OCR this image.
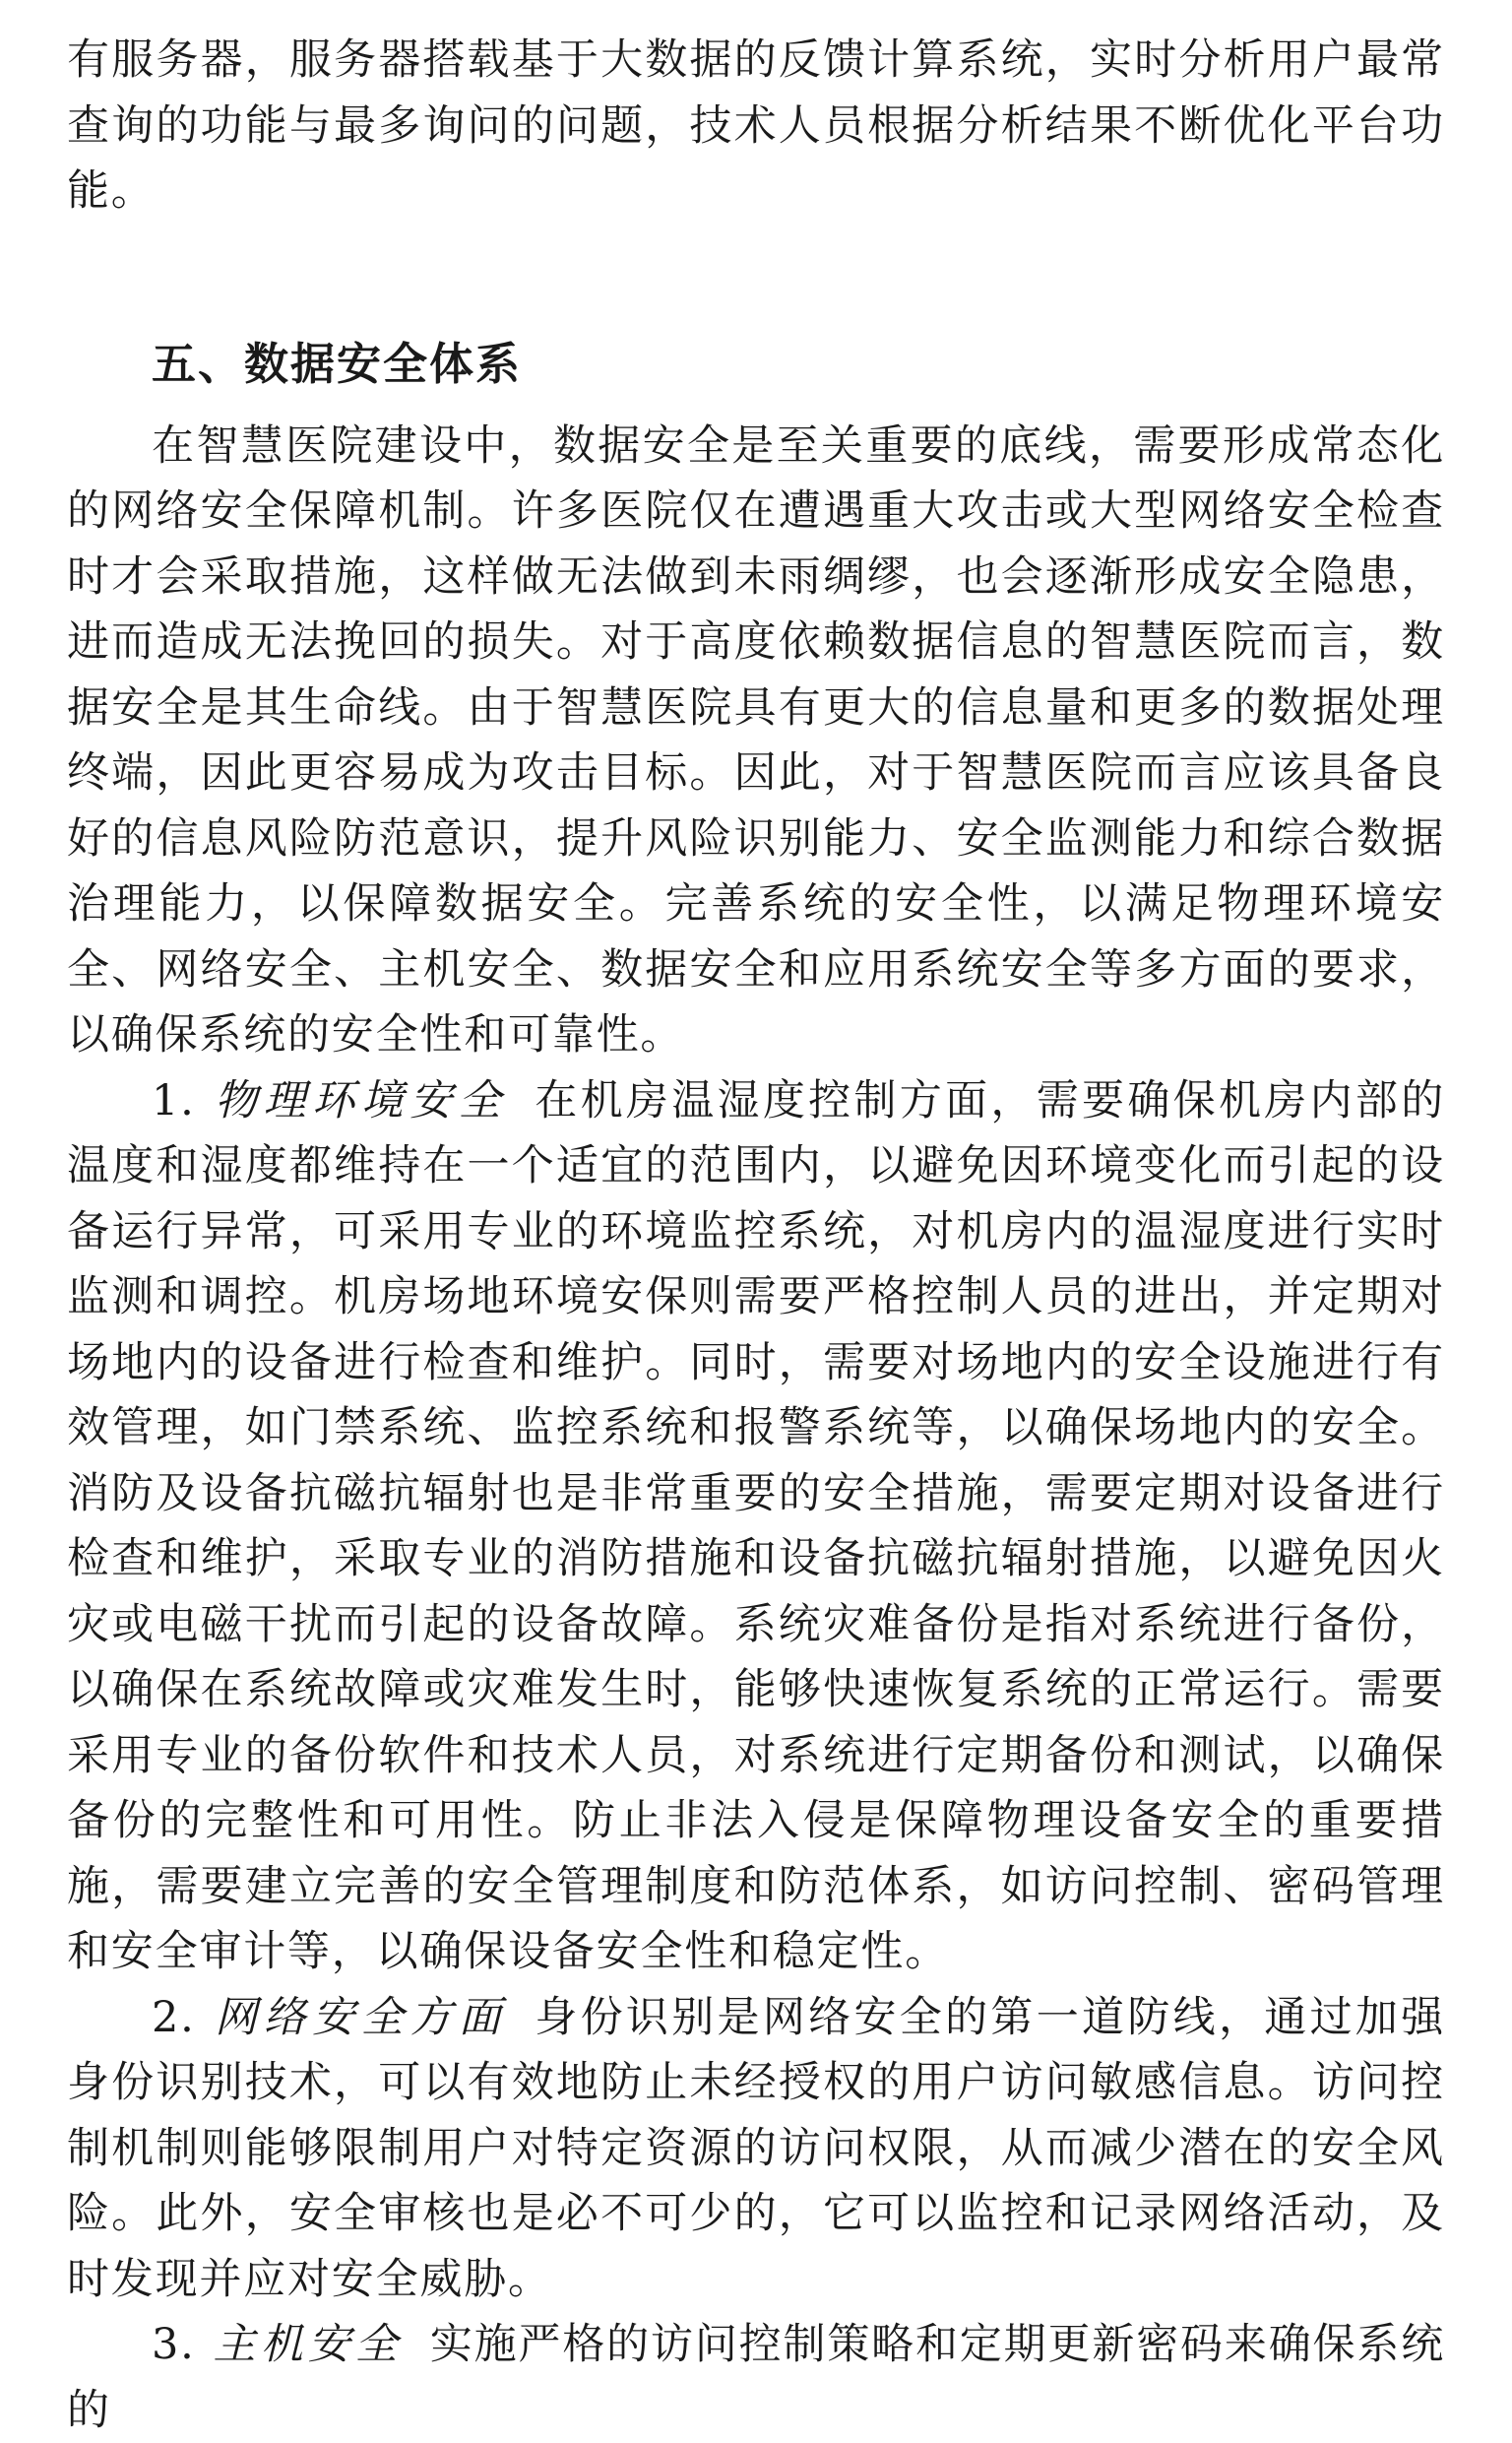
有服务器，服务器搭载基于大数据的反馈计算系统，实时分析用户最常查询的功能与最多询问的问题，技术人员根据分析结果不断优化平台功能。

五、数据安全体系

在智慧医院建设中，数据安全是至关重要的底线，需要形成常态化的网络安全保障机制。许多医院仅在遭遇重大攻击或大型网络安全检查时才会采取措施，这样做无法做到未雨绸缪，也会逐渐形成安全隐患，进而造成无法挽回的损失。对于高度依赖数据信息的智慧医院而言，数据安全是其生命线。由于智慧医院具有更大的信息量和更多的数据处理终端，因此更容易成为攻击目标。因此，对于智慧医院而言应该具备良好的信息风险防范意识，提升风险识别能力、安全监测能力和综合数据治理能力，以保障数据安全。完善系统的安全性，以满足物理环境安全、网络安全、主机安全、数据安全和应用系统安全等多方面的要求，以确保系统的安全性和可靠性。

1. 物理环境安全 在机房温湿度控制方面，需要确保机房内部的温度和湿度都维持在一个适宜的范围内，以避免因环境变化而引起的设备运行异常，可采用专业的环境监控系统，对机房内的温湿度进行实时监测和调控。机房场地环境安保则需要严格控制人员的进出，并定期对场地内的设备进行检查和维护。同时，需要对场地内的安全设施进行有效管理，如门禁系统、监控系统和报警系统等，以确保场地内的安全。消防及设备抗磁抗辐射也是非常重要的安全措施，需要定期对设备进行检查和维护，采取专业的消防措施和设备抗磁抗辐射措施，以避免因火灾或电磁干扰而引起的设备故障。系统灾难备份是指对系统进行备份，以确保在系统故障或灾难发生时，能够快速恢复系统的正常运行。需要采用专业的备份软件和技术人员，对系统进行定期备份和测试，以确保备份的完整性和可用性。防止非法入侵是保障物理设备安全的重要措施，需要建立完善的安全管理制度和防范体系，如访问控制、密码管理和安全审计等，以确保设备安全性和稳定性。

2. 网络安全方面 身份识别是网络安全的第一道防线，通过加强身份识别技术，可以有效地防止未经授权的用户访问敏感信息。访问控制机制则能够限制用户对特定资源的访问权限，从而减少潜在的安全风险。此外，安全审核也是必不可少的，它可以监控和记录网络活动，及时发现并应对安全威胁。

3. 主机安全 实施严格的访问控制策略和定期更新密码来确保系统的
